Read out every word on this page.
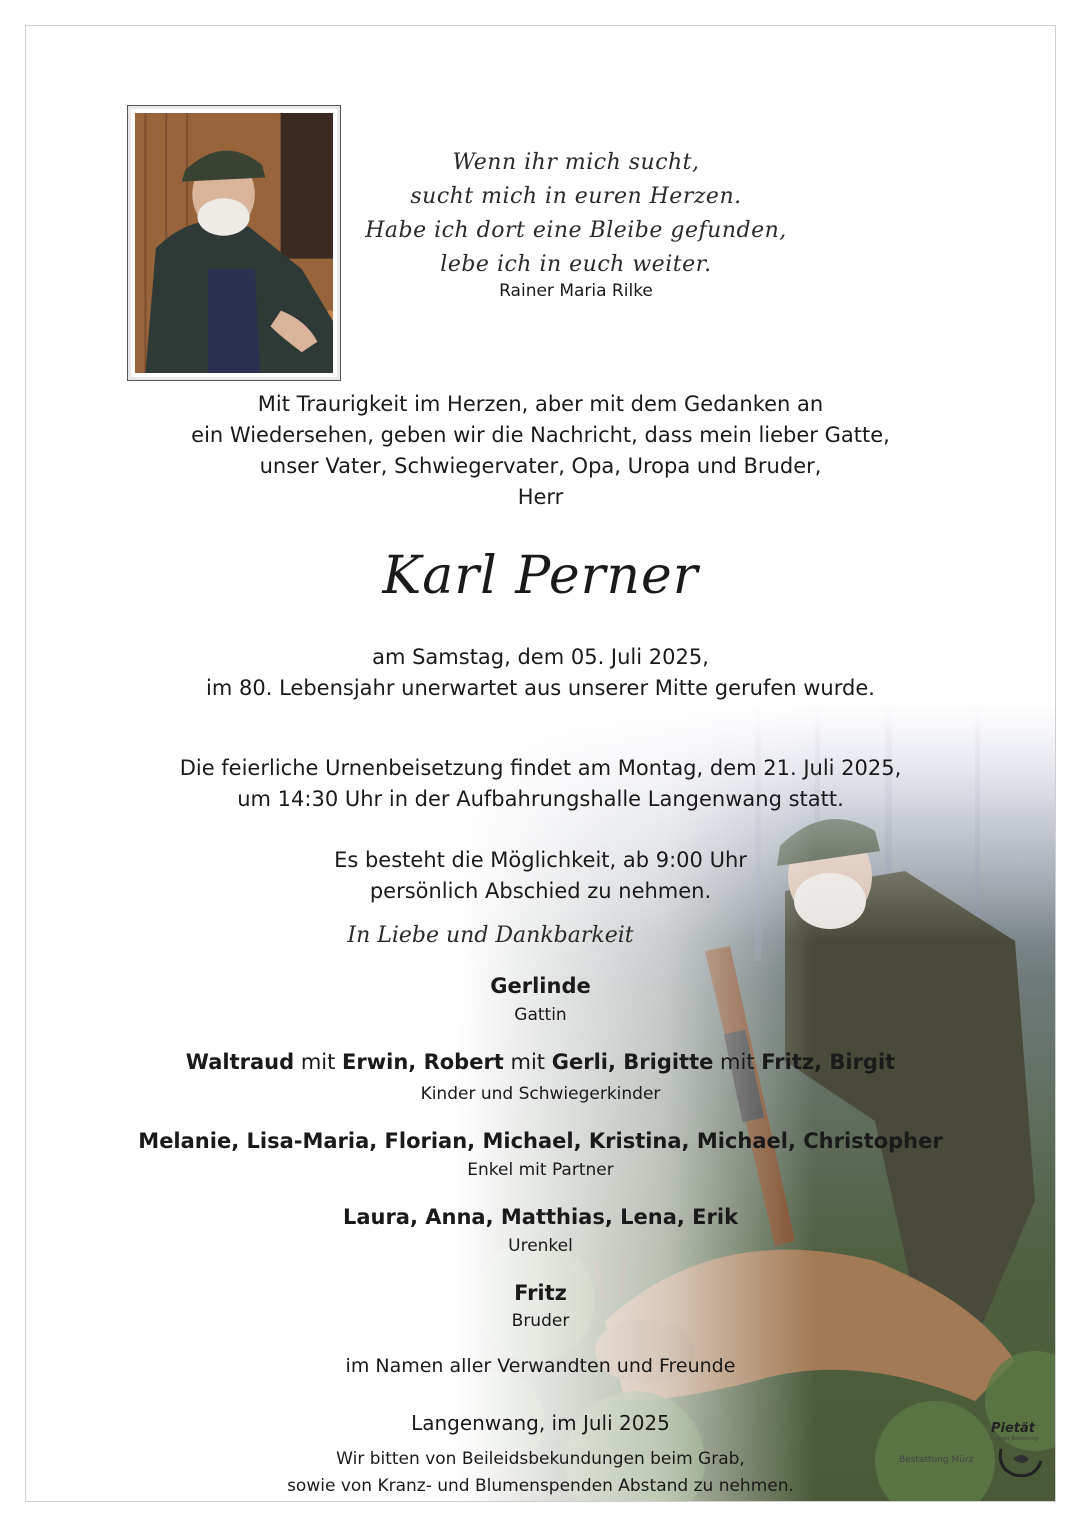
Wenn ihr mich sucht,
sucht mich in euren Herzen.
Habe ich dort eine Bleibe gefunden,
lebe ich in euch weiter.
Rainer Maria Rilke
Mit Traurigkeit im Herzen, aber mit dem Gedanken an
ein Wiedersehen, geben wir die Nachricht, dass mein lieber Gatte,
unser Vater, Schwiegervater, Opa, Uropa und Bruder,
Herr
Karl Perner
am Samstag, dem 05. Juli 2025,
im 80. Lebensjahr unerwartet aus unserer Mitte gerufen wurde.
Die feierliche Urnenbeisetzung findet am Montag, dem 21. Juli 2025,
um 14:30 Uhr in der Aufbahrungshalle Langenwang statt.
Es besteht die Möglichkeit, ab 9:00 Uhr
persönlich Abschied zu nehmen.
In Liebe und Dankbarkeit
Gerlinde
Gattin
Waltraud mit Erwin, Robert mit Gerli, Brigitte mit Fritz, Birgit
Kinder und Schwiegerkinder
Melanie, Lisa-Maria, Florian, Michael, Kristina, Michael, Christopher
Enkel mit Partner
Laura, Anna, Matthias, Lena, Erik
Urenkel
Fritz
Bruder
im Namen aller Verwandten und Freunde
Langenwang, im Juli 2025
Wir bitten von Beileidsbekundungen beim Grab,
sowie von Kranz- und Blumenspenden Abstand zu nehmen.
Bestattung Mürz
Pietät
in jeder Beziehung
